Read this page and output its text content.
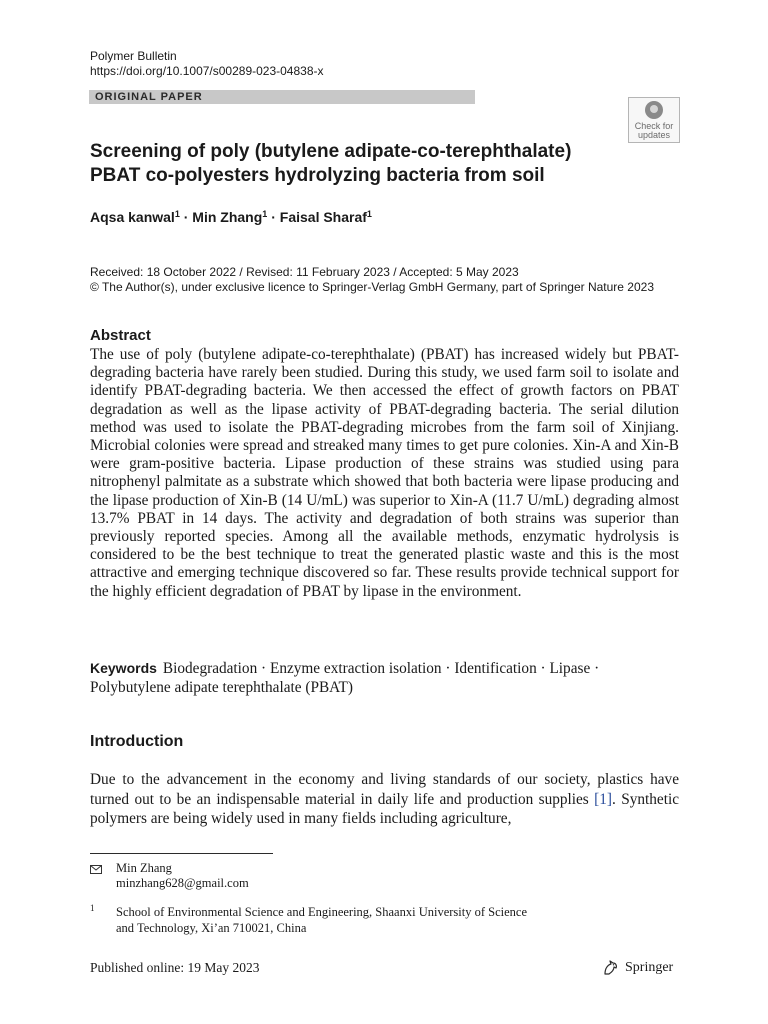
Polymer Bulletin
https://doi.org/10.1007/s00289-023-04838-x
ORIGINAL PAPER
Check for
updates
Screening of poly (butylene adipate-co-terephthalate)
PBAT co-polyesters hydrolyzing bacteria from soil
Aqsa kanwal$^1$ · Min Zhang$^1$ · Faisal Sharaf$^1$
Received: 18 October 2022 / Revised: 11 February 2023 / Accepted: 5 May 2023
© The Author(s), under exclusive licence to Springer-Verlag GmbH Germany, part of Springer Nature 2023
Abstract
The use of poly (butylene adipate-co-terephthalate) (PBAT) has increased widely but PBAT-degrading bacteria have rarely been studied. During this study, we used farm soil to isolate and identify PBAT-degrading bacteria. We then accessed the effect of growth factors on PBAT degradation as well as the lipase activity of PBAT-degrading bacteria. The serial dilution method was used to isolate the PBAT-degrading microbes from the farm soil of Xinjiang. Microbial colonies were spread and streaked many times to get pure colonies. Xin-A and Xin-B were gram-positive bacteria. Lipase production of these strains was studied using para nitrophenyl palmitate as a substrate which showed that both bacteria were lipase producing and the lipase production of Xin-B (14 U/mL) was superior to Xin-A (11.7 U/mL) degrading almost 13.7% PBAT in 14 days. The activity and degradation of both strains was superior than previously reported species. Among all the available methods, enzymatic hydrolysis is considered to be the best technique to treat the generated plastic waste and this is the most attractive and emerging technique discovered so far. These results provide technical support for the highly efficient degradation of PBAT by lipase in the environment.
Keywords Biodegradation · Enzyme extraction isolation · Identification · Lipase · Polybutylene adipate terephthalate (PBAT)
Introduction
Due to the advancement in the economy and living standards of our society, plastics have turned out to be an indispensable material in daily life and production supplies [1]. Synthetic polymers are being widely used in many fields including agriculture,
Min Zhang
minzhang628@gmail.com
1 School of Environmental Science and Engineering, Shaanxi University of Science
and Technology, Xi’an 710021, China
Published online: 19 May 2023	Springer
